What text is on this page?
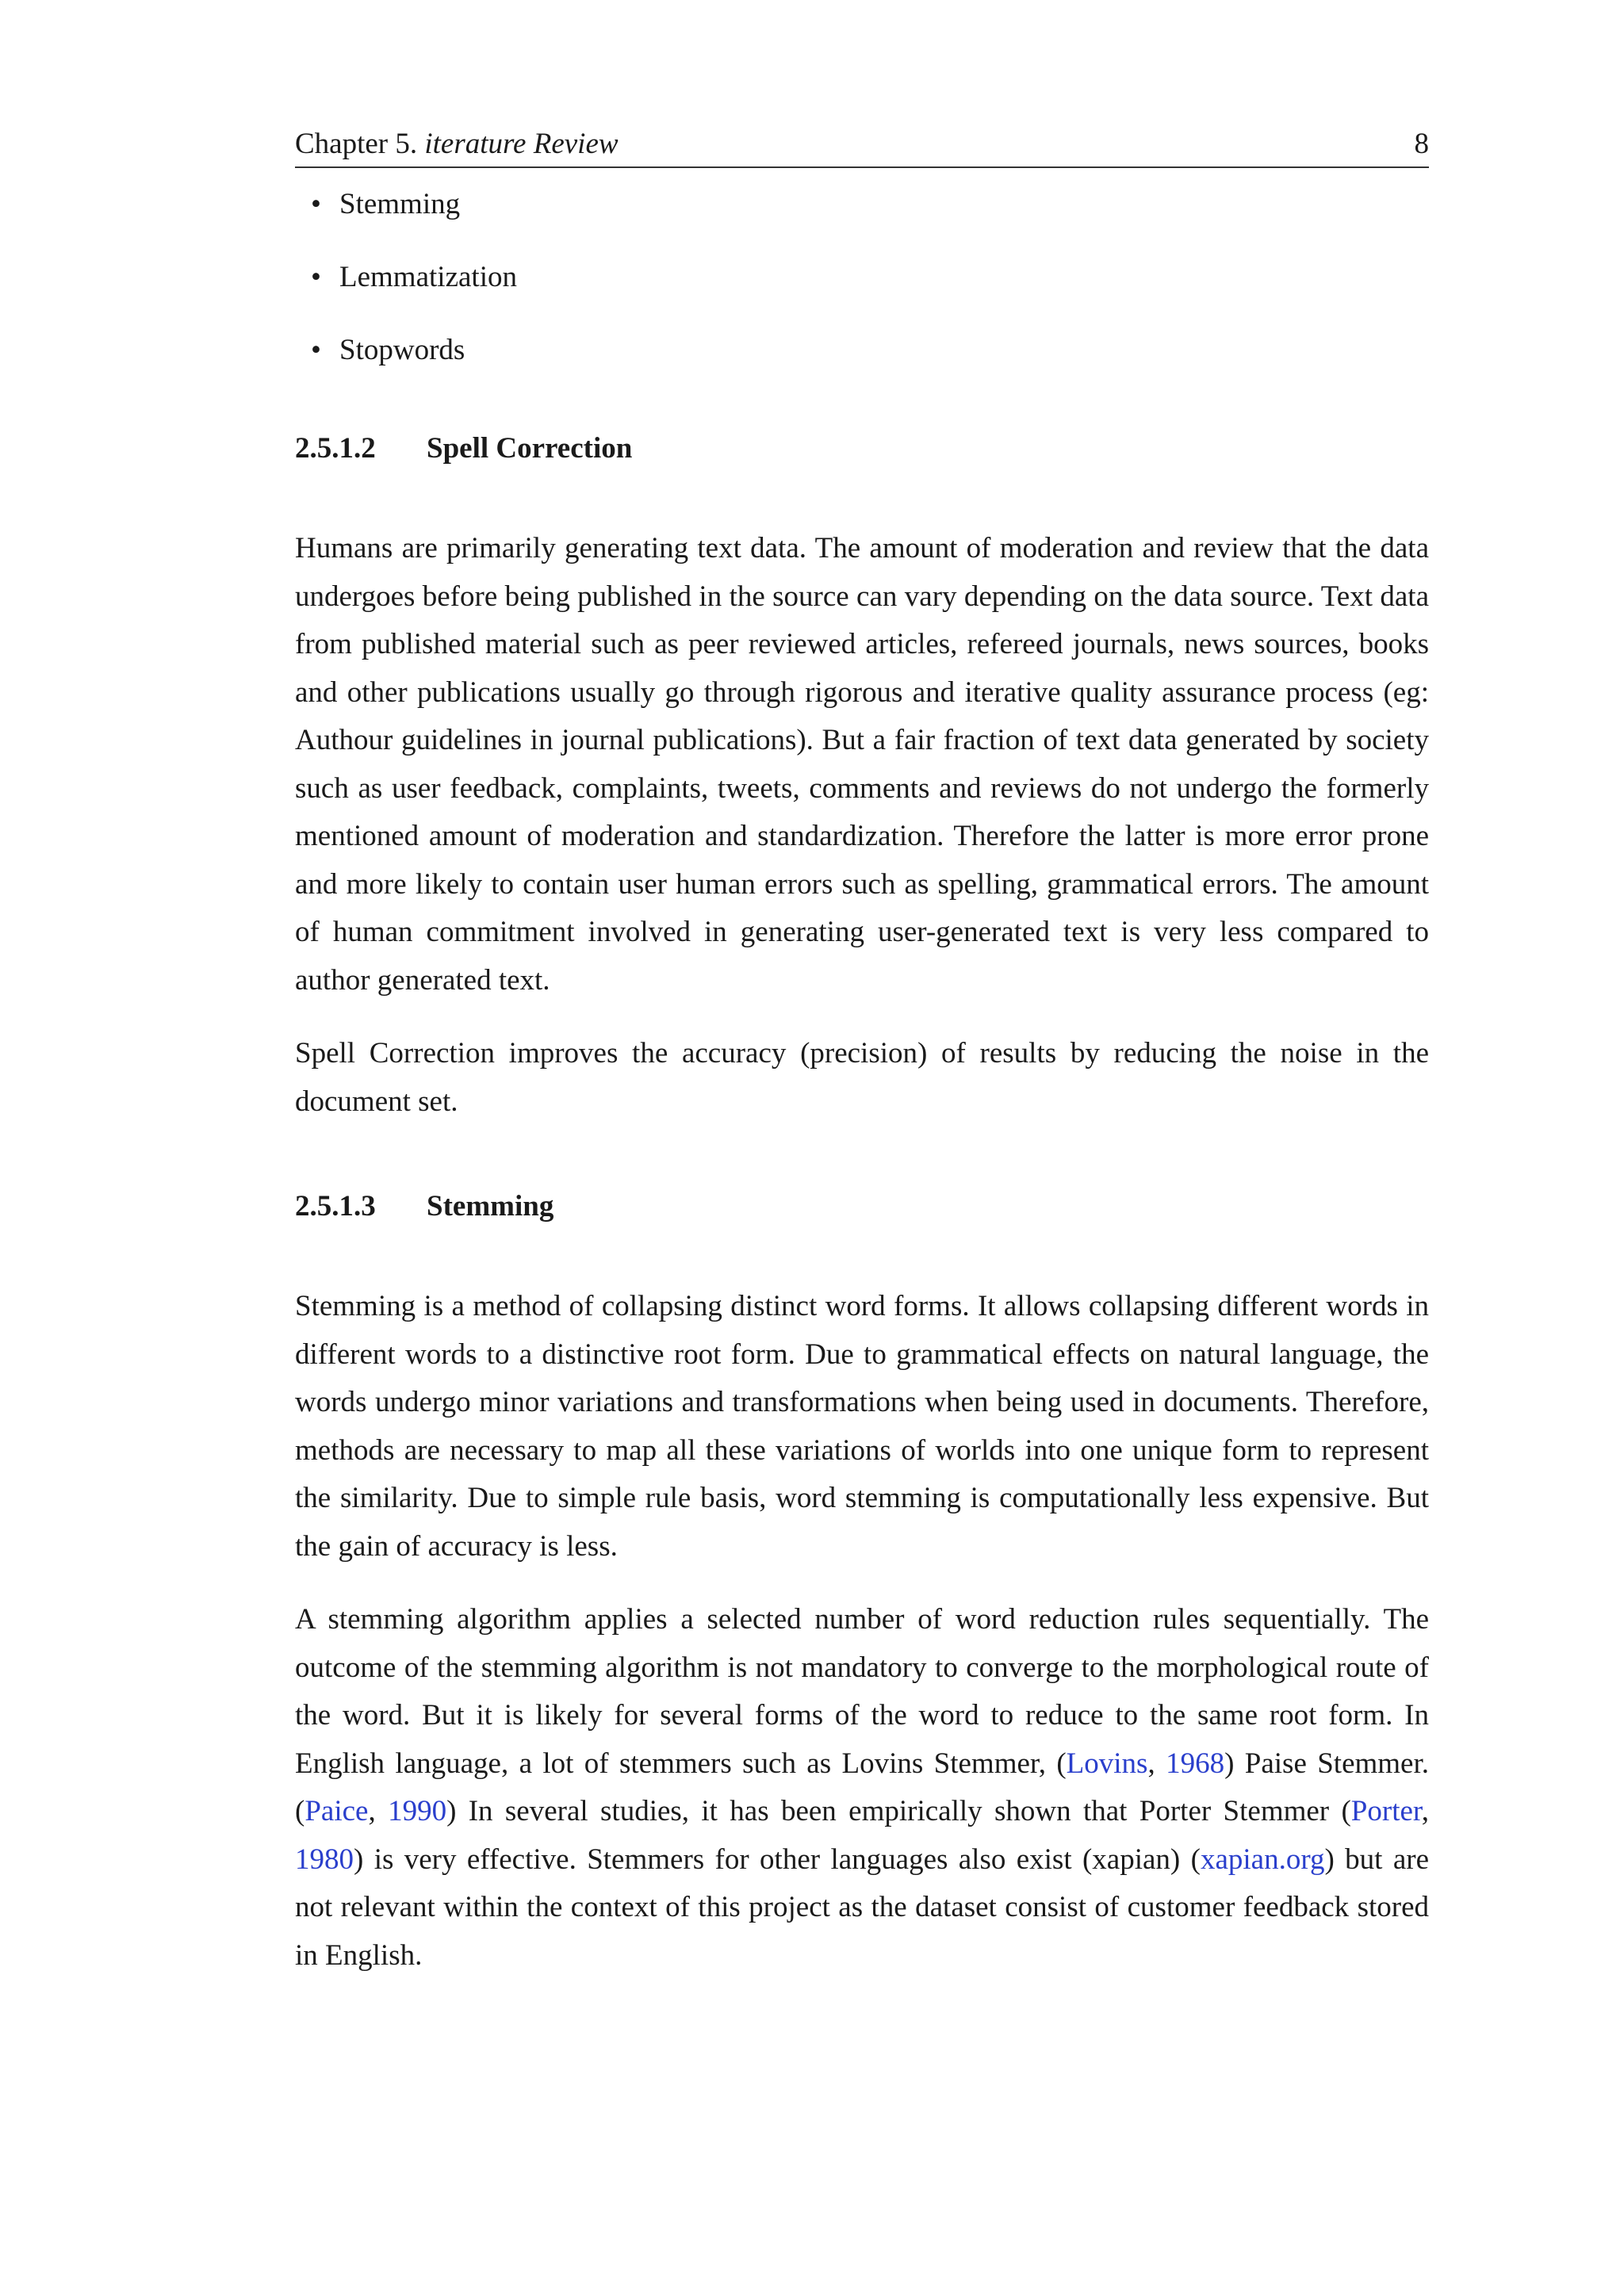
Chapter 5. iterature Review	8
• Stemming
• Lemmatization
• Stopwords
2.5.1.2 Spell Correction

Humans are primarily generating text data. The amount of moderation and review that the data undergoes before being published in the source can vary depending on the data source. Text data from published material such as peer reviewed articles, refereed journals, news sources, books and other publications usually go through rigorous and iterative quality assurance process (eg: Authour guidelines in journal publications). But a fair fraction of text data generated by society such as user feedback, complaints, tweets, comments and reviews do not undergo the formerly mentioned amount of moderation and standardization. Therefore the latter is more error prone and more likely to contain user human errors such as spelling, grammatical errors. The amount of human commitment involved in generating user-generated text is very less compared to author generated text.

Spell Correction improves the accuracy (precision) of results by reducing the noise in the document set.

2.5.1.3 Stemming

Stemming is a method of collapsing distinct word forms. It allows collapsing different words in different words to a distinctive root form. Due to grammatical effects on natural language, the words undergo minor variations and transformations when being used in documents. Therefore, methods are necessary to map all these variations of worlds into one unique form to represent the similarity. Due to simple rule basis, word stemming is computationally less expensive. But the gain of accuracy is less.

A stemming algorithm applies a selected number of word reduction rules sequentially. The outcome of the stemming algorithm is not mandatory to converge to the morphological route of the word. But it is likely for several forms of the word to reduce to the same root form. In English language, a lot of stemmers such as Lovins Stemmer, (Lovins, 1968) Paise Stemmer.(Paice, 1990) In several studies, it has been empirically shown that Porter Stemmer (Porter, 1980) is very effective. Stemmers for other languages also exist (xapian) (xapian.org) but are not relevant within the context of this project as the dataset consist of customer feedback stored in English.
